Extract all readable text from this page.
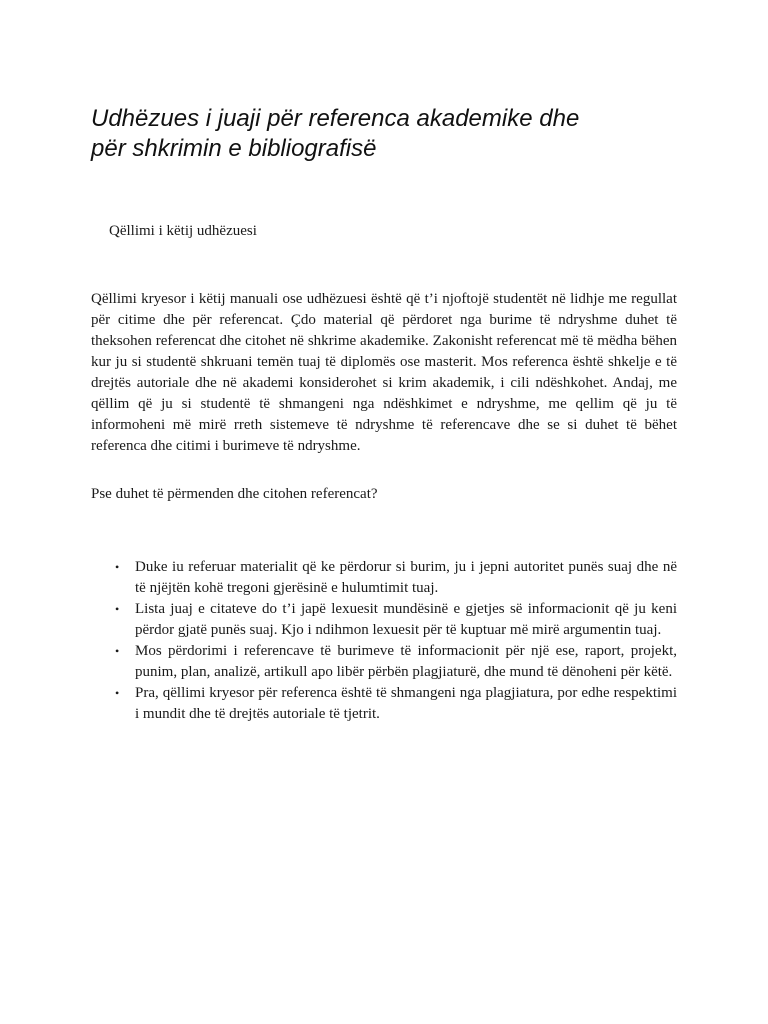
Udhëzues i juaji për referenca akademike dhe
për shkrimin e bibliografisë
Qëllimi i këtij udhëzuesi

Qëllimi kryesor i këtij manuali ose udhëzuesi është që t’i njoftojë studentët në lidhje me regullat për citime dhe për referencat. Çdo material që përdoret nga burime të ndryshme duhet të theksohen referencat dhe citohet në shkrime akademike. Zakonisht referencat më të mëdha bëhen kur ju si studentë shkruani temën tuaj të diplomës ose masterit. Mos referenca është shkelje e të drejtës autoriale dhe në akademi konsiderohet si krim akademik, i cili ndëshkohet. Andaj, me qëllim që ju si studentë të shmangeni nga ndëshkimet e ndryshme, me qellim që ju të informoheni më mirë rreth sistemeve të ndryshme të referencave dhe se si duhet të bëhet referenca dhe citimi i burimeve të ndryshme.

Pse duhet të përmenden dhe citohen referencat?
• Duke iu referuar materialit që ke përdorur si burim, ju i jepni autoritet punës suaj dhe në të njëjtën kohë tregoni gjerësinë e hulumtimit tuaj.
• Lista juaj e citateve do t’i japë lexuesit mundësinë e gjetjes së informacionit që ju keni përdor gjatë punës suaj. Kjo i ndihmon lexuesit për të kuptuar më mirë argumentin tuaj.
• Mos përdorimi i referencave të burimeve të informacionit për një ese, raport, projekt, punim, plan, analizë, artikull apo libër përbën plagjiaturë, dhe mund të dënoheni për këtë.
• Pra, qëllimi kryesor për referenca është të shmangeni nga plagjiatura, por edhe respektimi i mundit dhe të drejtës autoriale të tjetrit.
